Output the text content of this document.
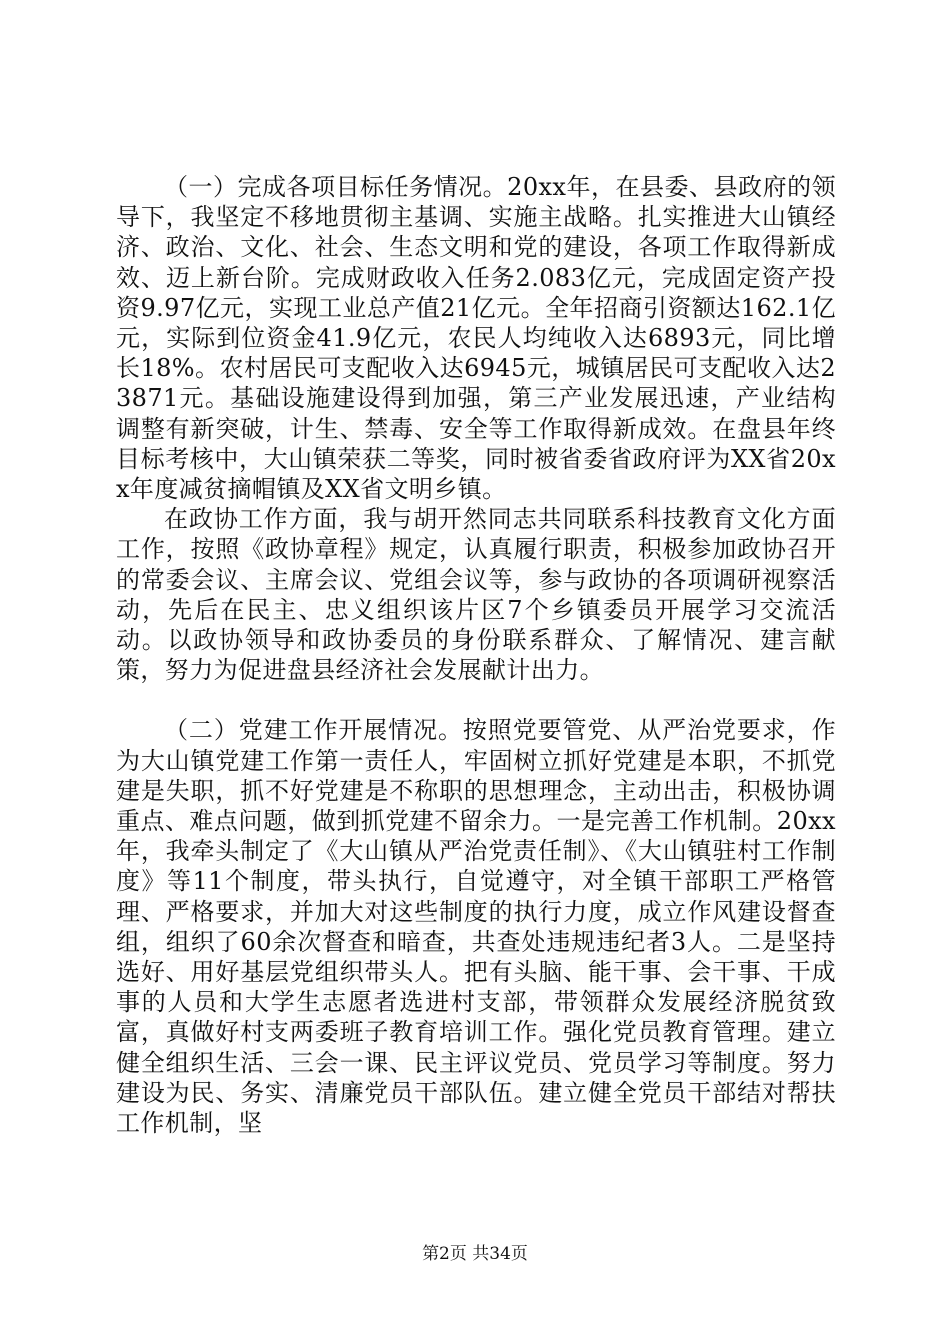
（一）完成各项目标任务情况。20xx年，在县委、县政府的领导下，我坚定不移地贯彻主基调、实施主战略。扎实推进大山镇经济、政治、文化、社会、生态文明和党的建设，各项工作取得新成效、迈上新台阶。完成财政收入任务2.083亿元，完成固定资产投资9.97亿元，实现工业总产值21亿元。全年招商引资额达162.1亿元，实际到位资金41.9亿元，农民人均纯收入达6893元，同比增长18%。农村居民可支配收入达6945元，城镇居民可支配收入达23871元。基础设施建设得到加强，第三产业发展迅速，产业结构调整有新突破，计生、禁毒、安全等工作取得新成效。在盘县年终目标考核中，大山镇荣获二等奖，同时被省委省政府评为XX省20xx年度减贫摘帽镇及XX省文明乡镇。

在政协工作方面，我与胡开然同志共同联系科技教育文化方面工作，按照《政协章程》规定，认真履行职责，积极参加政协召开的常委会议、主席会议、党组会议等，参与政协的各项调研视察活动，先后在民主、忠义组织该片区7个乡镇委员开展学习交流活动。以政协领导和政协委员的身份联系群众、了解情况、建言献策，努力为促进盘县经济社会发展献计出力。

（二）党建工作开展情况。按照党要管党、从严治党要求，作为大山镇党建工作第一责任人，牢固树立抓好党建是本职，不抓党建是失职，抓不好党建是不称职的思想理念，主动出击，积极协调重点、难点问题，做到抓党建不留余力。一是完善工作机制。20xx年，我牵头制定了《大山镇从严治党责任制》、《大山镇驻村工作制度》等11个制度，带头执行，自觉遵守，对全镇干部职工严格管理、严格要求，并加大对这些制度的执行力度，成立作风建设督查组，组织了60余次督查和暗查，共查处违规违纪者3人。二是坚持选好、用好基层党组织带头人。把有头脑、能干事、会干事、干成事的人员和大学生志愿者选进村支部，带领群众发展经济脱贫致富，真做好村支两委班子教育培训工作。强化党员教育管理。建立健全组织生活、三会一课、民主评议党员、党员学习等制度。努力建设为民、务实、清廉党员干部队伍。建立健全党员干部结对帮扶工作机制，坚

第2页 共34页
